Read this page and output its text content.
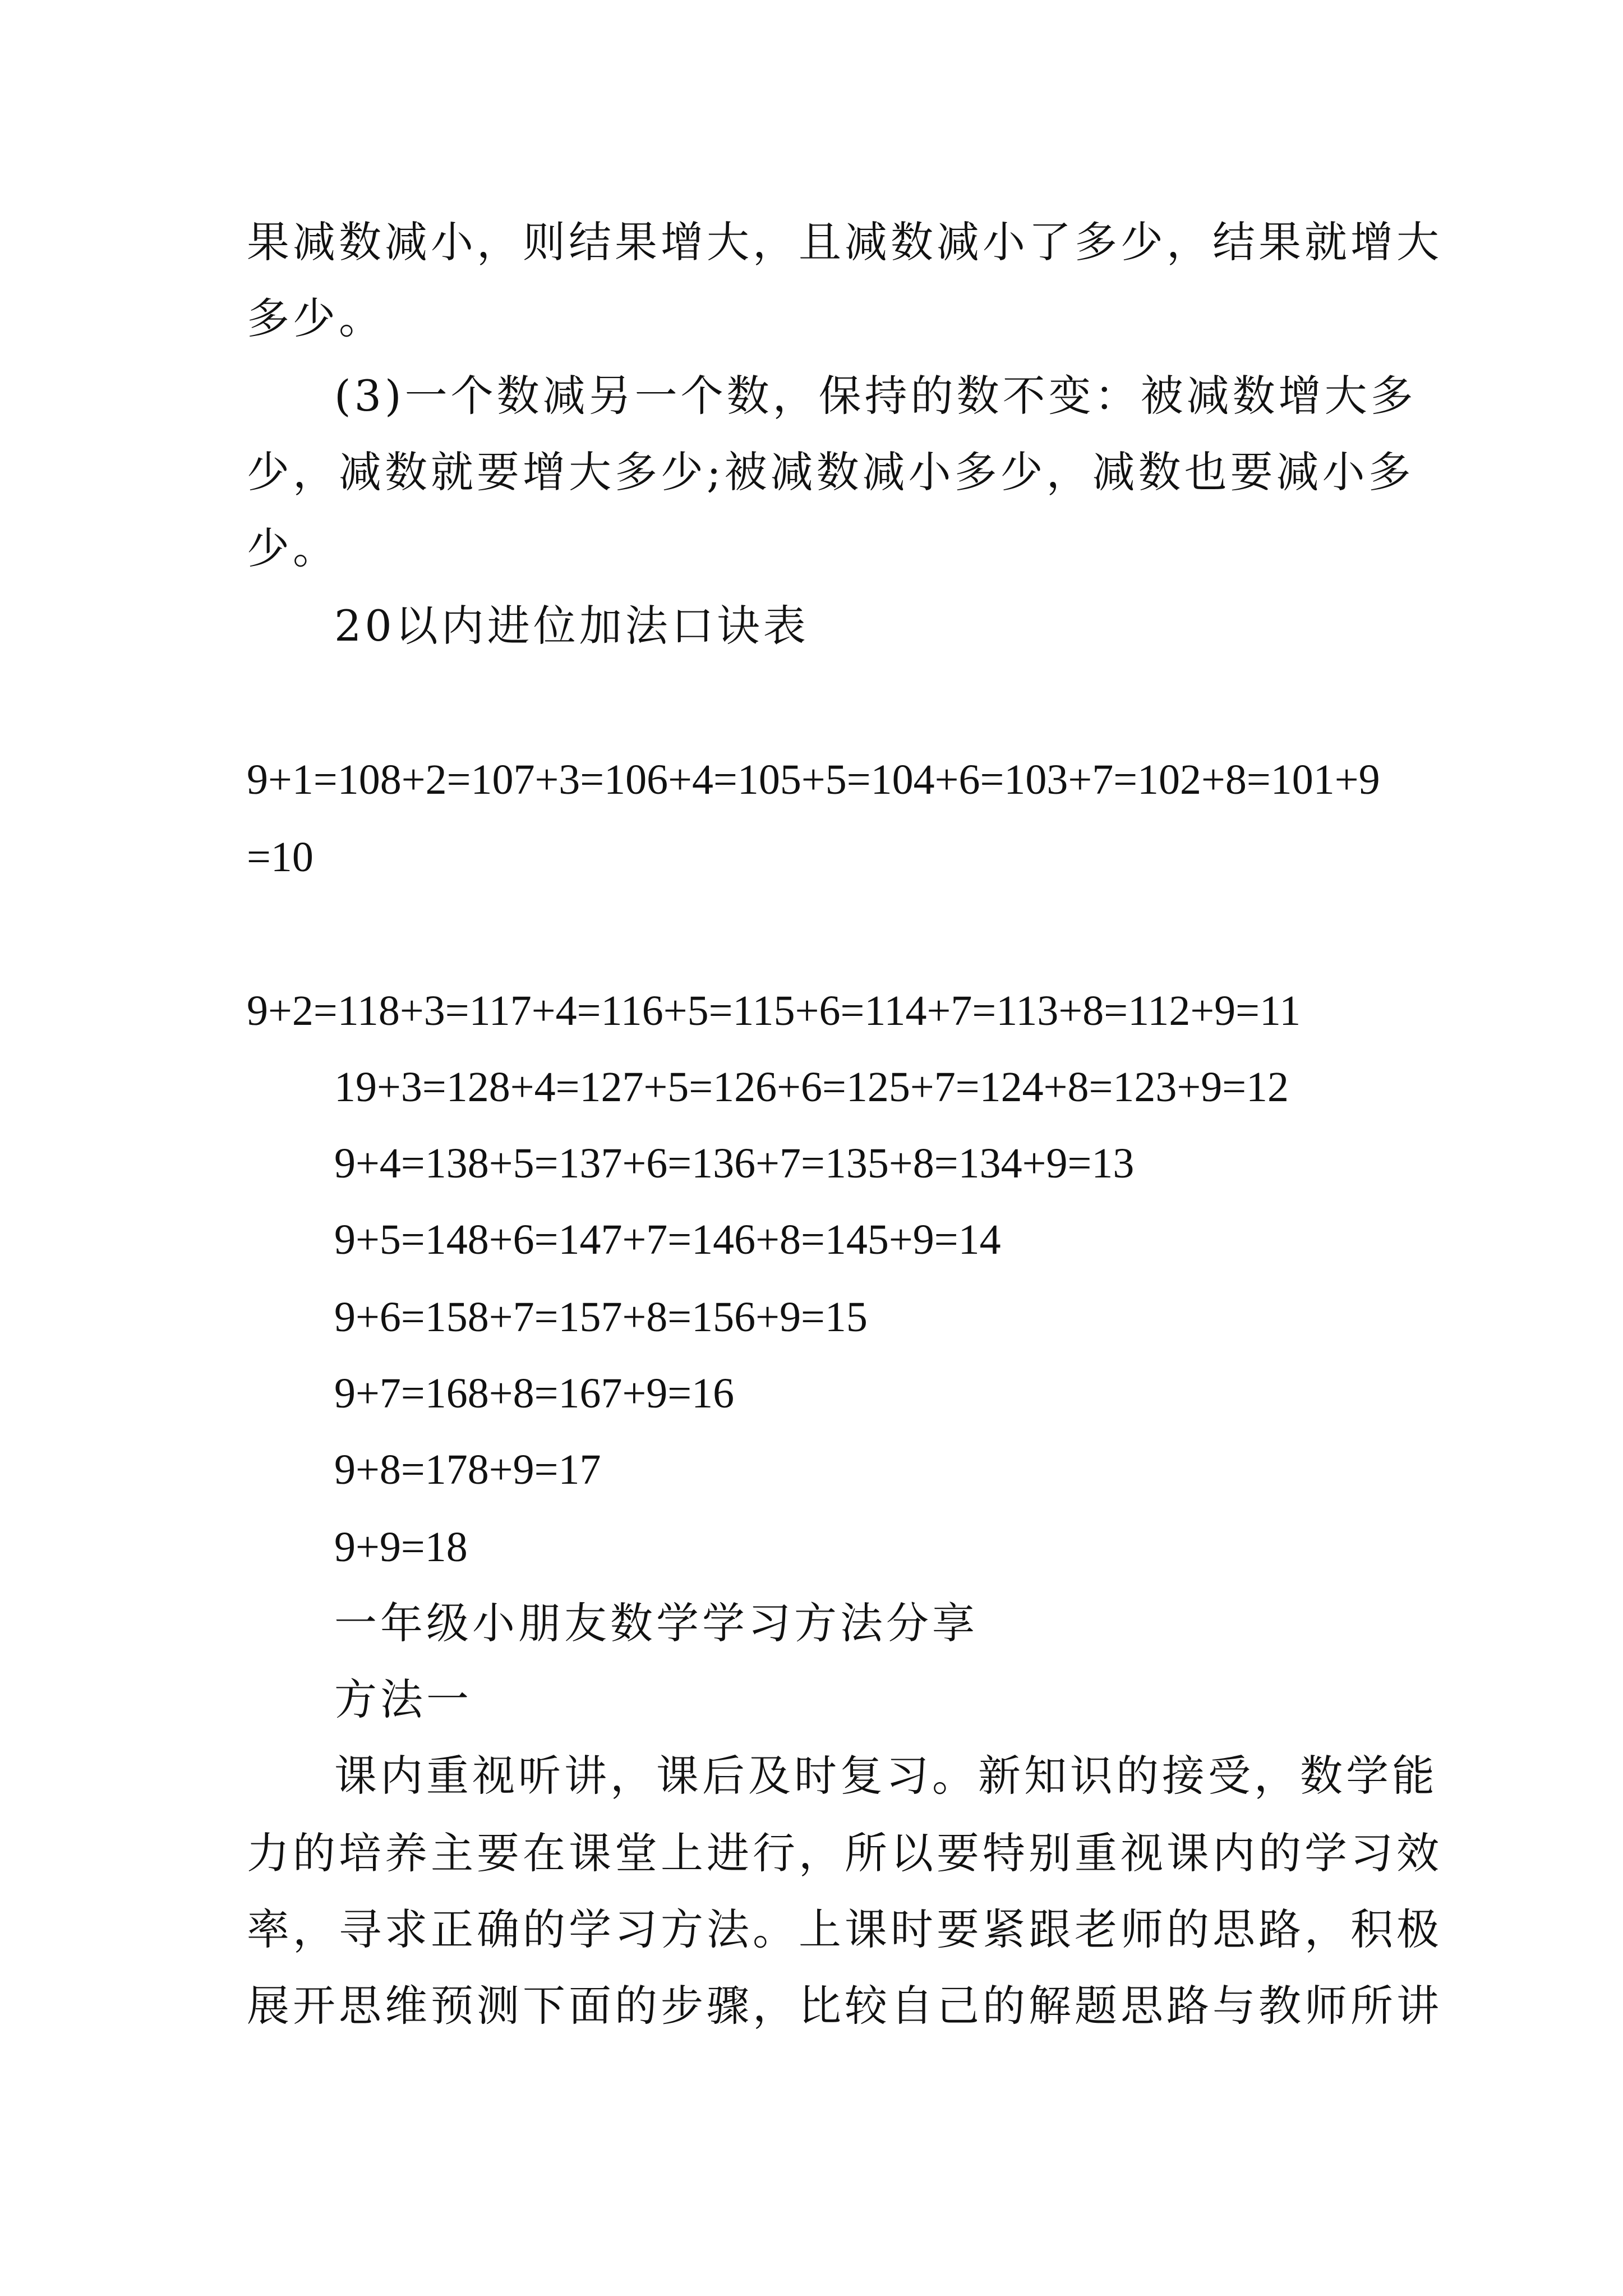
果减数减小，则结果增大，且减数减小了多少，结果就增大
多少。
(3)一个数减另一个数，保持的数不变：被减数增大多
少，减数就要增大多少;被减数减小多少，减数也要减小多
少。
20以内进位加法口诀表
9+1=108+2=107+3=106+4=105+5=104+6=103+7=102+8=101+9
=10
9+2=118+3=117+4=116+5=115+6=114+7=113+8=112+9=11
19+3=128+4=127+5=126+6=125+7=124+8=123+9=12
9+4=138+5=137+6=136+7=135+8=134+9=13
9+5=148+6=147+7=146+8=145+9=14
9+6=158+7=157+8=156+9=15
9+7=168+8=167+9=16
9+8=178+9=17
9+9=18
一年级小朋友数学学习方法分享
方法一
课内重视听讲，课后及时复习。新知识的接受，数学能
力的培养主要在课堂上进行，所以要特别重视课内的学习效
率，寻求正确的学习方法。上课时要紧跟老师的思路，积极
展开思维预测下面的步骤，比较自己的解题思路与教师所讲
